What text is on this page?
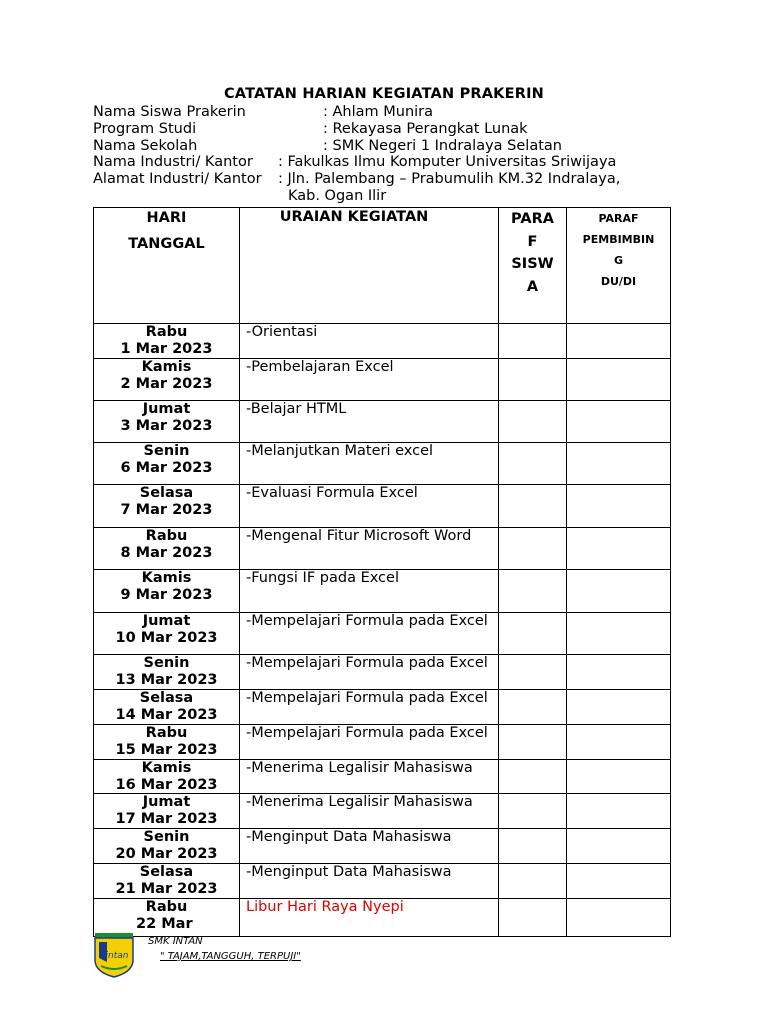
CATATAN HARIAN KEGIATAN PRAKERIN
Nama Siswa Prakerin	: Ahlam Munira
Program Studi	: Rekayasa Perangkat Lunak
Nama Sekolah	: SMK Negeri 1 Indralaya Selatan
Nama Industri/ Kantor : Fakulkas Ilmu Komputer Universitas Sriwijaya
Alamat Industri/ Kantor : Jln. Palembang – Prabumulih KM.32 Indralaya,
Kab. Ogan Ilir
HARI
TANGGAL	URAIAN KEGIATAN	PARA
F
SISW
A	PARAF
PEMBIMBIN
G
DU/DI

Rabu
1 Mar 2023	-Orientasi		

Kamis
2 Mar 2023	-Pembelajaran Excel		

Jumat
3 Mar 2023	-Belajar HTML		

Senin
6 Mar 2023	-Melanjutkan Materi excel		

Selasa
7 Mar 2023	-Evaluasi Formula Excel		

Rabu
8 Mar 2023	-Mengenal Fitur Microsoft Word		

Kamis
9 Mar 2023	-Fungsi IF pada Excel		

Jumat
10 Mar 2023	-Mempelajari Formula pada Excel		

Senin
13 Mar 2023	-Mempelajari Formula pada Excel		

Selasa
14 Mar 2023	-Mempelajari Formula pada Excel		

Rabu
15 Mar 2023	-Mempelajari Formula pada Excel		

Kamis
16 Mar 2023	-Menerima Legalisir Mahasiswa		

Jumat
17 Mar 2023	-Menerima Legalisir Mahasiswa		

Senin
20 Mar 2023	-Menginput Data Mahasiswa		

Selasa
21 Mar 2023	-Menginput Data Mahasiswa		

Rabu
22 Mar	Libur Hari Raya Nyepi		
intan
SMK INTAN
" TAJAM,TANGGUH, TERPUJI"
